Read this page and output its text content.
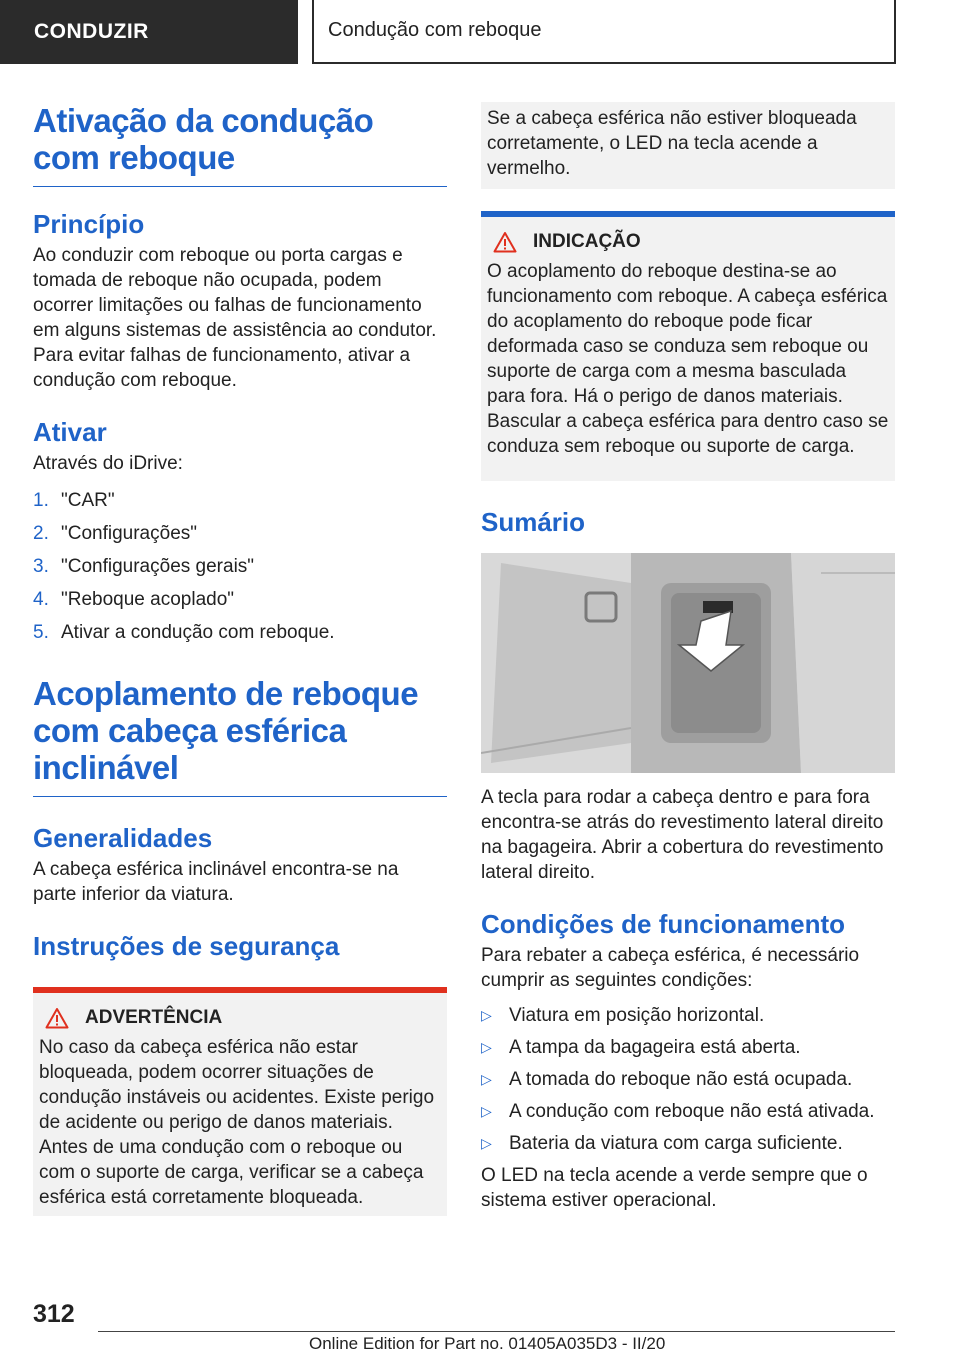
CONDUZIR	Condução com reboque
Ativação da condução com reboque
Princípio

Ao conduzir com reboque ou porta cargas e tomada de reboque não ocupada, podem ocorrer limitações ou falhas de funcionamento em alguns sistemas de assistência ao condutor. Para evitar falhas de funcionamento, ativar a condução com reboque.

Ativar

Através do iDrive:

1. "CAR"
2. "Configurações"
3. "Configurações gerais"
4. "Reboque acoplado"
5. Ativar a condução com reboque.
Acoplamento de reboque com cabeça esférica inclinável
Generalidades

A cabeça esférica inclinável encontra-se na parte inferior da viatura.

Instruções de segurança
ADVERTÊNCIA

No caso da cabeça esférica não estar bloqueada, podem ocorrer situações de condução instáveis ou acidentes. Existe perigo de acidente ou perigo de danos materiais. Antes de uma condução com o reboque ou com o suporte de carga, verificar se a cabeça esférica está corretamente bloqueada.

Se a cabeça esférica não estiver bloqueada corretamente, o LED na tecla acende a vermelho.

INDICAÇÃO

O acoplamento do reboque destina-se ao funcionamento com reboque. A cabeça esférica do acoplamento do reboque pode ficar deformada caso se conduza sem reboque ou suporte de carga com a mesma basculada para fora. Há o perigo de danos materiais. Bascular a cabeça esférica para dentro caso se conduza sem reboque ou suporte de carga.

Sumário

A tecla para rodar a cabeça dentro e para fora encontra-se atrás do revestimento lateral direito na bagageira. Abrir a cobertura do revestimento lateral direito.

Condições de funcionamento

Para rebater a cabeça esférica, é necessário cumprir as seguintes condições:

▷ Viatura em posição horizontal.
▷ A tampa da bagageira está aberta.
▷ A tomada do reboque não está ocupada.
▷ A condução com reboque não está ativada.
▷ Bateria da viatura com carga suficiente.

O LED na tecla acende a verde sempre que o sistema estiver operacional.

312
Online Edition for Part no. 01405A035D3 - II/20
